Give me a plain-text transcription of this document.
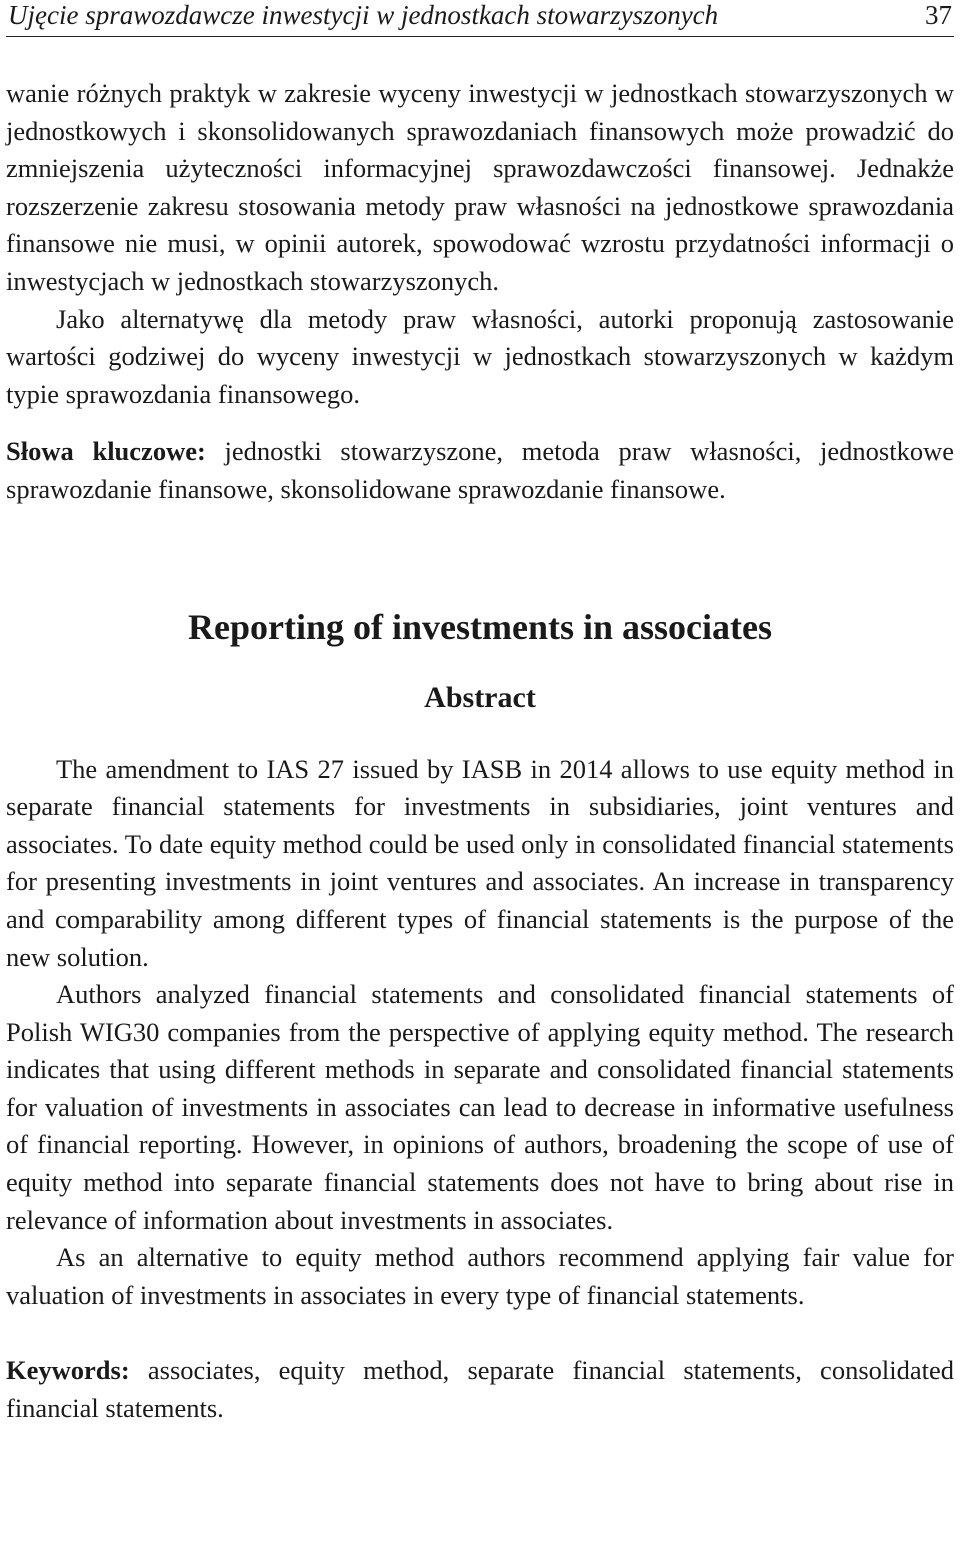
Ujęcie sprawozdawcze inwestycji w jednostkach stowarzyszonych	37

wanie różnych praktyk w zakresie wyceny inwestycji w jednostkach stowarzyszonych w jednostkowych i skonsolidowanych sprawozdaniach finansowych może prowadzić do zmniejszenia użyteczności informacyjnej sprawozdawczości finansowej. Jednakże rozszerzenie zakresu stosowania metody praw własności na jednostkowe sprawozdania finansowe nie musi, w opinii autorek, spowodować wzrostu przydatności informacji o inwestycjach w jednostkach stowarzyszonych.

Jako alternatywę dla metody praw własności, autorki proponują zastosowanie wartości godziwej do wyceny inwestycji w jednostkach stowarzyszonych w każdym typie sprawozdania finansowego.

Słowa kluczowe: jednostki stowarzyszone, metoda praw własności, jednostkowe sprawozdanie finansowe, skonsolidowane sprawozdanie finansowe.

Reporting of investments in associates
Abstract

The amendment to IAS 27 issued by IASB in 2014 allows to use equity method in separate financial statements for investments in subsidiaries, joint ventures and associates. To date equity method could be used only in consolidated financial statements for presenting investments in joint ventures and associates. An increase in transparency and comparability among different types of financial statements is the purpose of the new solution.

Authors analyzed financial statements and consolidated financial statements of Polish WIG30 companies from the perspective of applying equity method. The research indicates that using different methods in separate and consolidated financial statements for valuation of investments in associates can lead to decrease in informative usefulness of financial reporting. However, in opinions of authors, broadening the scope of use of equity method into separate financial statements does not have to bring about rise in relevance of information about investments in associates.

As an alternative to equity method authors recommend applying fair value for valuation of investments in associates in every type of financial statements.

Keywords: associates, equity method, separate financial statements, consolidated financial statements.
